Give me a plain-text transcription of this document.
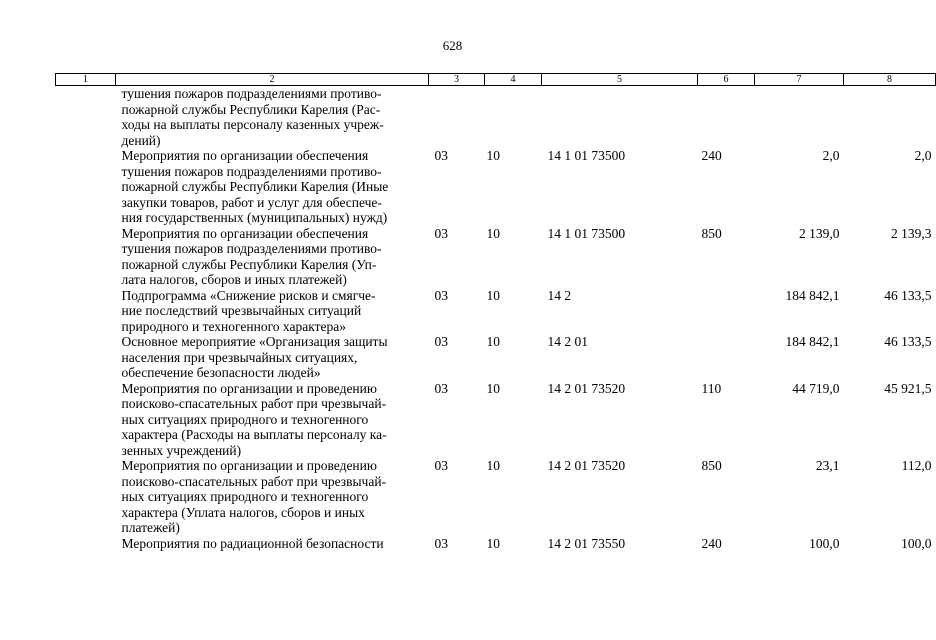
628
1	2	3	4	5	6	7	8
	тушения пожаров подразделениями противо-
пожарной службы Республики Карелия (Рас-
ходы на выплаты персоналу казенных учреж-
дений)						
	Мероприятия по организации обеспечения
тушения пожаров подразделениями противо-
пожарной службы Республики Карелия (Иные
закупки товаров, работ и услуг для обеспече-
ния государственных (муниципальных) нужд)	03	10	14 1 01 73500	240	2,0	2,0
	Мероприятия по организации обеспечения
тушения пожаров подразделениями противо-
пожарной службы Республики Карелия (Уп-
лата налогов, сборов и иных платежей)	03	10	14 1 01 73500	850	2 139,0	2 139,3
	Подпрограмма «Снижение рисков и смягче-
ние последствий чрезвычайных ситуаций
природного и техногенного характера»	03	10	14 2		184 842,1	46 133,5
	Основное мероприятие «Организация защиты
населения при чрезвычайных ситуациях,
обеспечение безопасности людей»	03	10	14 2 01		184 842,1	46 133,5
	Мероприятия по организации и проведению
поисково-спасательных работ при чрезвычай-
ных ситуациях природного и техногенного
характера (Расходы на выплаты персоналу ка-
зенных учреждений)	03	10	14 2 01 73520	110	44 719,0	45 921,5
	Мероприятия по организации и проведению
поисково-спасательных работ при чрезвычай-
ных ситуациях природного и техногенного
характера (Уплата налогов, сборов и иных
платежей)	03	10	14 2 01 73520	850	23,1	112,0
	Мероприятия по радиационной безопасности	03	10	14 2 01 73550	240	100,0	100,0
